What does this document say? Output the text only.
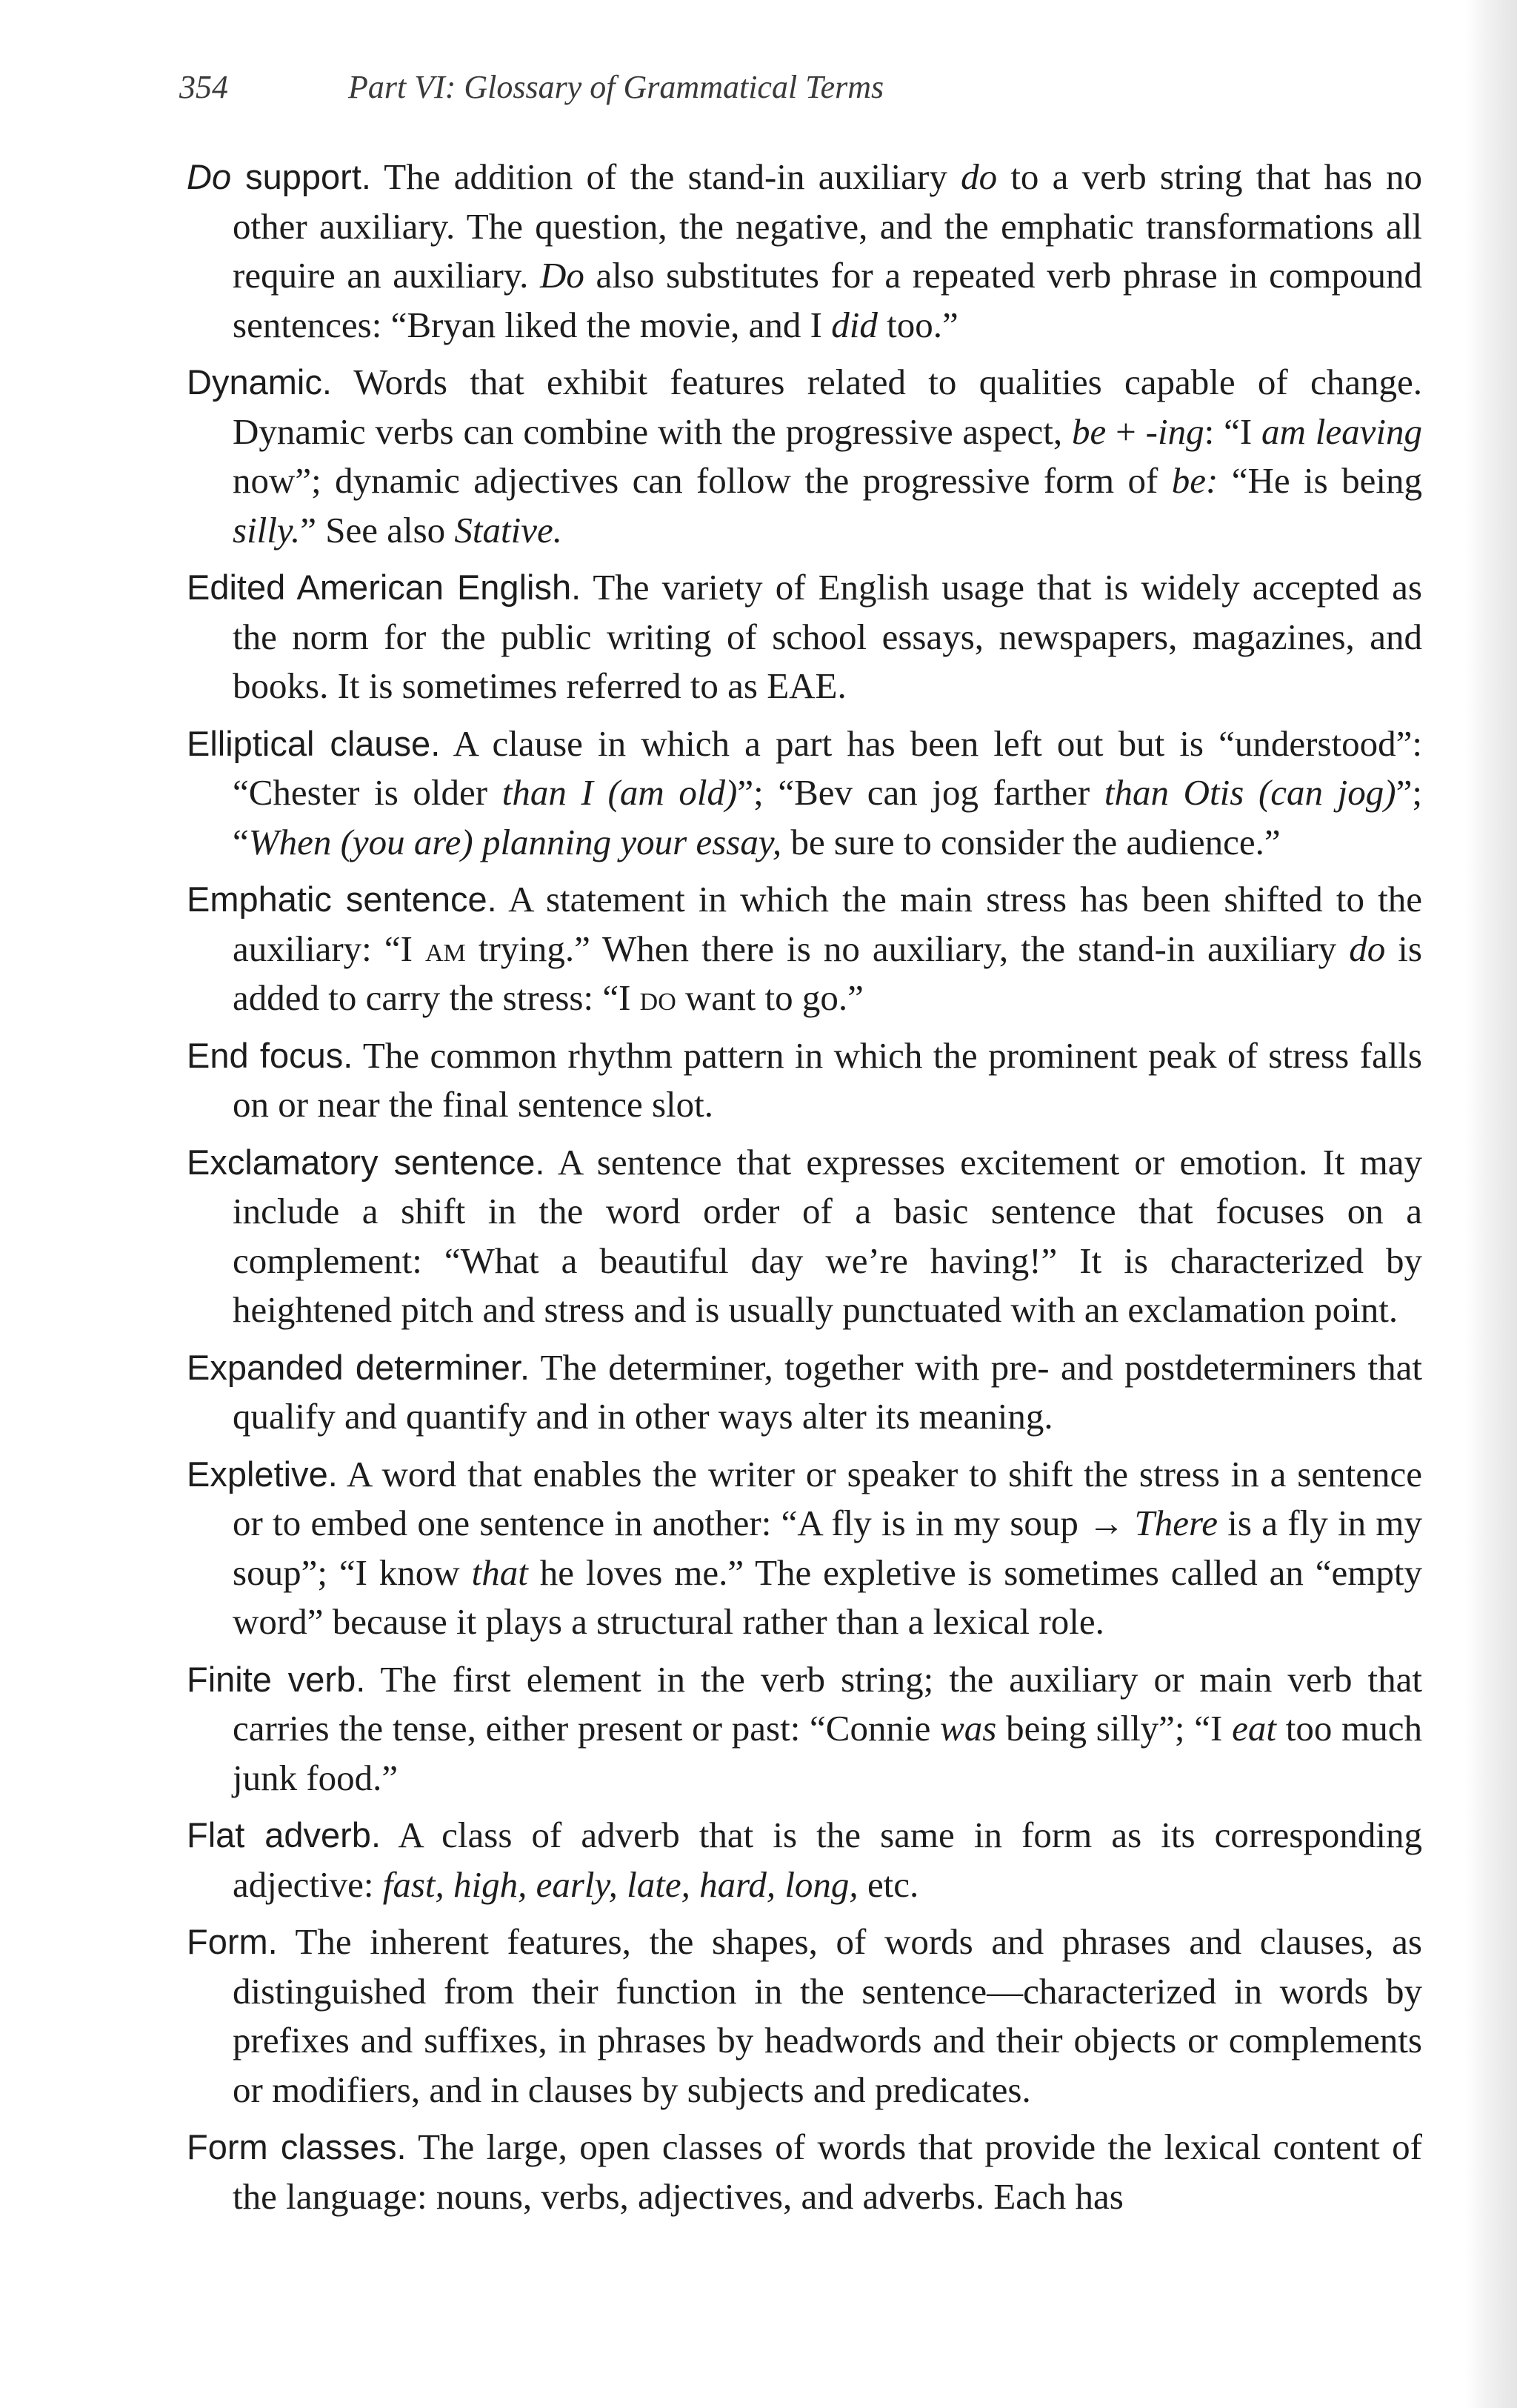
354	Part VI: Glossary of Grammatical Terms

Do support. The addition of the stand-in auxiliary do to a verb string that has no other auxiliary. The question, the negative, and the emphatic transformations all require an auxiliary. Do also substitutes for a repeated verb phrase in compound sentences: “Bryan liked the movie, and I did too.”

Dynamic. Words that exhibit features related to qualities capable of change. Dynamic verbs can combine with the progressive aspect, be + -ing: “I am leaving now”; dynamic adjectives can follow the progressive form of be: “He is being silly.” See also Stative.

Edited American English. The variety of English usage that is widely accepted as the norm for the public writing of school essays, newspapers, magazines, and books. It is sometimes referred to as EAE.

Elliptical clause. A clause in which a part has been left out but is “understood”: “Chester is older than I (am old)”; “Bev can jog farther than Otis (can jog)”; “When (you are) planning your essay, be sure to consider the audience.”

Emphatic sentence. A statement in which the main stress has been shifted to the auxiliary: “I am trying.” When there is no auxiliary, the stand-in auxiliary do is added to carry the stress: “I do want to go.”

End focus. The common rhythm pattern in which the prominent peak of stress falls on or near the final sentence slot.

Exclamatory sentence. A sentence that expresses excitement or emotion. It may include a shift in the word order of a basic sentence that focuses on a complement: “What a beautiful day we’re having!” It is characterized by heightened pitch and stress and is usually punctuated with an exclamation point.

Expanded determiner. The determiner, together with pre- and postdeterminers that qualify and quantify and in other ways alter its meaning.

Expletive. A word that enables the writer or speaker to shift the stress in a sentence or to embed one sentence in another: “A fly is in my soup → There is a fly in my soup”; “I know that he loves me.” The expletive is sometimes called an “empty word” because it plays a structural rather than a lexical role.

Finite verb. The first element in the verb string; the auxiliary or main verb that carries the tense, either present or past: “Connie was being silly”; “I eat too much junk food.”

Flat adverb. A class of adverb that is the same in form as its corresponding adjective: fast, high, early, late, hard, long, etc.

Form. The inherent features, the shapes, of words and phrases and clauses, as distinguished from their function in the sentence—characterized in words by prefixes and suffixes, in phrases by headwords and their objects or complements or modifiers, and in clauses by subjects and predicates.

Form classes. The large, open classes of words that provide the lexical content of the language: nouns, verbs, adjectives, and adverbs. Each has
